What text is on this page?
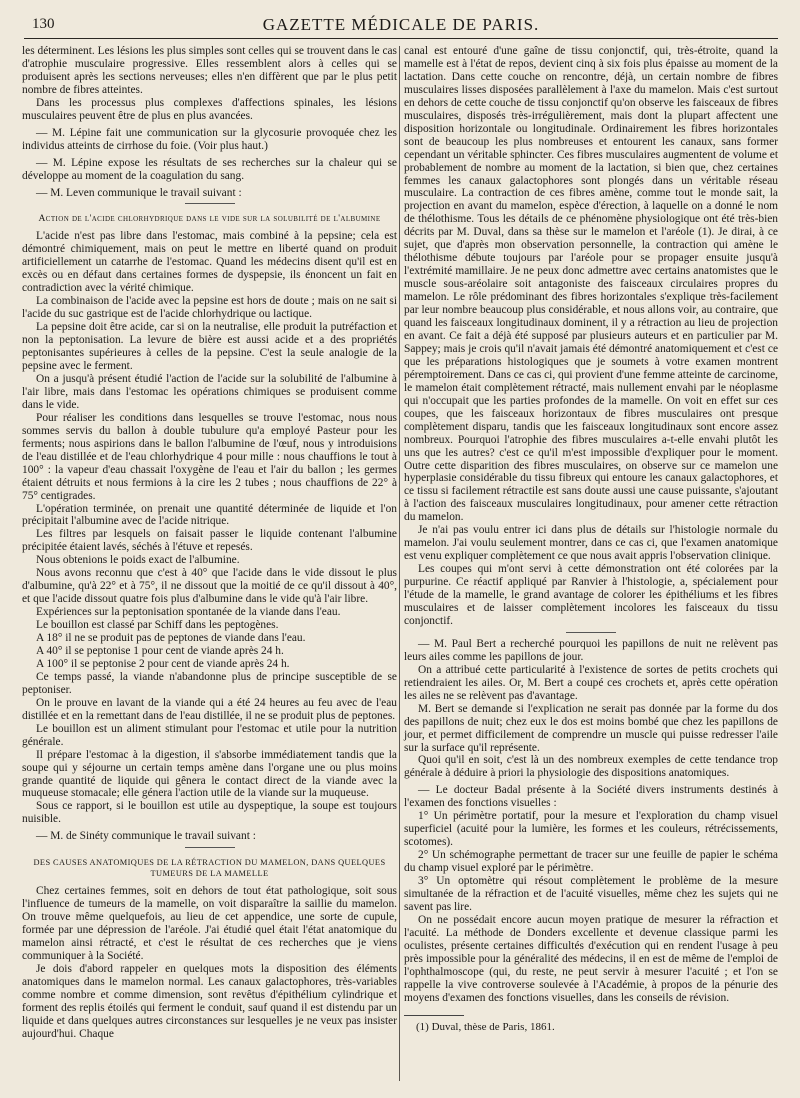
130	GAZETTE MÉDICALE DE PARIS.

les déterminent. Les lésions les plus simples sont celles qui se trouvent dans le cas d'atrophie musculaire progressive. Elles ressemblent alors à celles qui se produisent après les sections nerveuses; elles n'en diffèrent que par le plus petit nombre de fibres atteintes.

Dans les processus plus complexes d'affections spinales, les lésions musculaires peuvent être de plus en plus avancées.

— M. Lépine fait une communication sur la glycosurie provoquée chez les individus atteints de cirrhose du foie. (Voir plus haut.)

— M. Lépine expose les résultats de ses recherches sur la chaleur qui se développe au moment de la coagulation du sang.

— M. Leven communique le travail suivant :

Action de l'acide chlorhydrique dans le vide sur la solubilité de l'albumine

L'acide n'est pas libre dans l'estomac, mais combiné à la pepsine; cela est démontré chimiquement, mais on peut le mettre en liberté quand on produit artificiellement un catarrhe de l'estomac. Quand les médecins disent qu'il est en excès ou en défaut dans certaines formes de dyspepsie, ils énoncent un fait en contradiction avec la vérité chimique.

La combinaison de l'acide avec la pepsine est hors de doute ; mais on ne sait si l'acide du suc gastrique est de l'acide chlorhydrique ou lactique.

La pepsine doit être acide, car si on la neutralise, elle produit la putréfaction et non la peptonisation. La levure de bière est aussi acide et a des propriétés peptonisantes supérieures à celles de la pepsine. C'est la seule analogie de la pepsine avec le ferment.

On a jusqu'à présent étudié l'action de l'acide sur la solubilité de l'albumine à l'air libre, mais dans l'estomac les opérations chimiques se produisent comme dans le vide.

Pour réaliser les conditions dans lesquelles se trouve l'estomac, nous nous sommes servis du ballon à double tubulure qu'a employé Pasteur pour les ferments; nous aspirions dans le ballon l'albumine de l'œuf, nous y introduisions de l'eau distillée et de l'eau chlorhydrique 4 pour mille : nous chauffions le tout à 100° : la vapeur d'eau chassait l'oxygène de l'eau et l'air du ballon ; les germes étaient détruits et nous fermions à la cire les 2 tubes ; nous chauffions de 22° à 75° centigrades.

L'opération terminée, on prenait une quantité déterminée de liquide et l'on précipitait l'albumine avec de l'acide nitrique.

Les filtres par lesquels on faisait passer le liquide contenant l'albumine précipitée étaient lavés, séchés à l'étuve et repesés.

Nous obtenions le poids exact de l'albumine.

Nous avons reconnu que c'est à 40° que l'acide dans le vide dissout le plus d'albumine, qu'à 22° et à 75°, il ne dissout que la moitié de ce qu'il dissout à 40°, et que l'acide dissout quatre fois plus d'albumine dans le vide qu'à l'air libre.

Expériences sur la peptonisation spontanée de la viande dans l'eau.

Le bouillon est classé par Schiff dans les peptogènes.

A 18° il ne se produit pas de peptones de viande dans l'eau.

A 40° il se peptonise 1 pour cent de viande après 24 h.

A 100° il se peptonise 2 pour cent de viande après 24 h.

Ce temps passé, la viande n'abandonne plus de principe susceptible de se peptoniser.

On le prouve en lavant de la viande qui a été 24 heures au feu avec de l'eau distillée et en la remettant dans de l'eau distillée, il ne se produit plus de peptones.

Le bouillon est un aliment stimulant pour l'estomac et utile pour la nutrition générale.

Il prépare l'estomac à la digestion, il s'absorbe immédiatement tandis que la soupe qui y séjourne un certain temps amène dans l'organe une ou plus moins grande quantité de liquide qui gênera le contact direct de la viande avec la muqueuse stomacale; elle génera l'action utile de la viande sur la muqueuse.

Sous ce rapport, si le bouillon est utile au dyspeptique, la soupe est toujours nuisible.

— M. de Sinéty communique le travail suivant :

DES CAUSES ANATOMIQUES DE LA RÉTRACTION DU MAMELON, DANS QUELQUES TUMEURS DE LA MAMELLE

Chez certaines femmes, soit en dehors de tout état pathologique, soit sous l'influence de tumeurs de la mamelle, on voit disparaître la saillie du mamelon. On trouve même quelquefois, au lieu de cet appendice, une sorte de cupule, formée par une dépression de l'aréole. J'ai étudié quel était l'état anatomique du mamelon ainsi rétracté, et c'est le résultat de ces recherches que je viens communiquer à la Société.

Je dois d'abord rappeler en quelques mots la disposition des éléments anatomiques dans le mamelon normal. Les canaux galactophores, très-variables comme nombre et comme dimension, sont revêtus d'épithélium cylindrique et forment des replis étoilés qui ferment le conduit, sauf quand il est distendu par un liquide et dans quelques autres circonstances sur lesquelles je ne veux pas insister aujourd'hui. Chaque

canal est entouré d'une gaîne de tissu conjonctif, qui, très-étroite, quand la mamelle est à l'état de repos, devient cinq à six fois plus épaisse au moment de la lactation. Dans cette couche on rencontre, déjà, un certain nombre de fibres musculaires lisses disposées parallèlement à l'axe du mamelon. Mais c'est surtout en dehors de cette couche de tissu conjonctif qu'on observe les faisceaux de fibres musculaires, disposés très-irrégulièrement, mais dont la plupart affectent une disposition horizontale ou longitudinale. Ordinairement les fibres horizontales sont de beaucoup les plus nombreuses et entourent les canaux, sans former cependant un véritable sphincter. Ces fibres musculaires augmentent de volume et probablement de nombre au moment de la lactation, si bien que, chez certaines femmes les canaux galactophores sont plongés dans un véritable réseau musculaire. La contraction de ces fibres amène, comme tout le monde sait, la projection en avant du mamelon, espèce d'érection, à laquelle on a donné le nom de thélothisme. Tous les détails de ce phénomène physiologique ont été très-bien décrits par M. Duval, dans sa thèse sur le mamelon et l'aréole (1). Je dirai, à ce sujet, que d'après mon observation personnelle, la contraction qui amène le thélothisme débute toujours par l'aréole pour se propager ensuite jusqu'à l'extrémité mamillaire. Je ne peux donc admettre avec certains anatomistes que le muscle sous-aréolaire soit antagoniste des faisceaux circulaires propres du mamelon. Le rôle prédominant des fibres horizontales s'explique très-facilement par leur nombre beaucoup plus considérable, et nous allons voir, au contraire, que quand les faisceaux longitudinaux dominent, il y a rétraction au lieu de projection en avant. Ce fait a déjà été supposé par plusieurs auteurs et en particulier par M. Sappey; mais je crois qu'il n'avait jamais été démontré anatomiquement et c'est ce que les préparations histologiques que je soumets à votre examen montrent péremptoirement. Dans ce cas ci, qui provient d'une femme atteinte de carcinome, le mamelon était complètement rétracté, mais nullement envahi par le néoplasme qui n'occupait que les parties profondes de la mamelle. On voit en effet sur ces coupes, que les faisceaux horizontaux de fibres musculaires ont presque complètement disparu, tandis que les faisceaux longitudinaux sont encore assez nombreux. Pourquoi l'atrophie des fibres musculaires a-t-elle envahi plutôt les uns que les autres? c'est ce qu'il m'est impossible d'expliquer pour le moment. Outre cette disparition des fibres musculaires, on observe sur ce mamelon une hyperplasie considérable du tissu fibreux qui entoure les canaux galactophores, et ce tissu si facilement rétractile est sans doute aussi une cause puissante, s'ajoutant à l'action des faisceaux musculaires longitudinaux, pour amener cette rétraction du mamelon.

Je n'ai pas voulu entrer ici dans plus de détails sur l'histologie normale du mamelon. J'ai voulu seulement montrer, dans ce cas ci, que l'examen anatomique est venu expliquer complètement ce que nous avait appris l'observation clinique.

Les coupes qui m'ont servi à cette démonstration ont été colorées par la purpurine. Ce réactif appliqué par Ranvier à l'histologie, a, spécialement pour l'étude de la mamelle, le grand avantage de colorer les épithéliums et les fibres musculaires et de laisser complètement incolores les faisceaux du tissu conjonctif.

— M. Paul Bert a recherché pourquoi les papillons de nuit ne relèvent pas leurs ailes comme les papillons de jour.

On a attribué cette particularité à l'existence de sortes de petits crochets qui retiendraient les ailes. Or, M. Bert a coupé ces crochets et, après cette opération les ailes ne se relèvent pas d'avantage.

M. Bert se demande si l'explication ne serait pas donnée par la forme du dos des papillons de nuit; chez eux le dos est moins bombé que chez les papillons de jour, et permet difficilement de comprendre un muscle qui puisse redresser l'aile sur la surface qu'il représente.

Quoi qu'il en soit, c'est là un des nombreux exemples de cette tendance trop générale à déduire à priori la physiologie des dispositions anatomiques.

— Le docteur Badal présente à la Société divers instruments destinés à l'examen des fonctions visuelles :

1° Un périmètre portatif, pour la mesure et l'exploration du champ visuel superficiel (acuité pour la lumière, les formes et les couleurs, rétrécissements, scotomes).

2° Un schémographe permettant de tracer sur une feuille de papier le schéma du champ visuel exploré par le périmètre.

3° Un optomètre qui résout complètement le problème de la mesure simultanée de la réfraction et de l'acuité visuelles, même chez les sujets qui ne savent pas lire.

On ne possédait encore aucun moyen pratique de mesurer la réfraction et l'acuité. La méthode de Donders excellente et devenue classique parmi les oculistes, présente certaines difficultés d'exécution qui en rendent l'usage à peu près impossible pour la généralité des médecins, il en est de même de l'emploi de l'ophthalmoscope (qui, du reste, ne peut servir à mesurer l'acuité ; et l'on se rappelle la vive controverse soulevée à l'Académie, à propos de la pénurie des moyens d'examen des fonctions visuelles, dans les conseils de révision.

(1) Duval, thèse de Paris, 1861.
